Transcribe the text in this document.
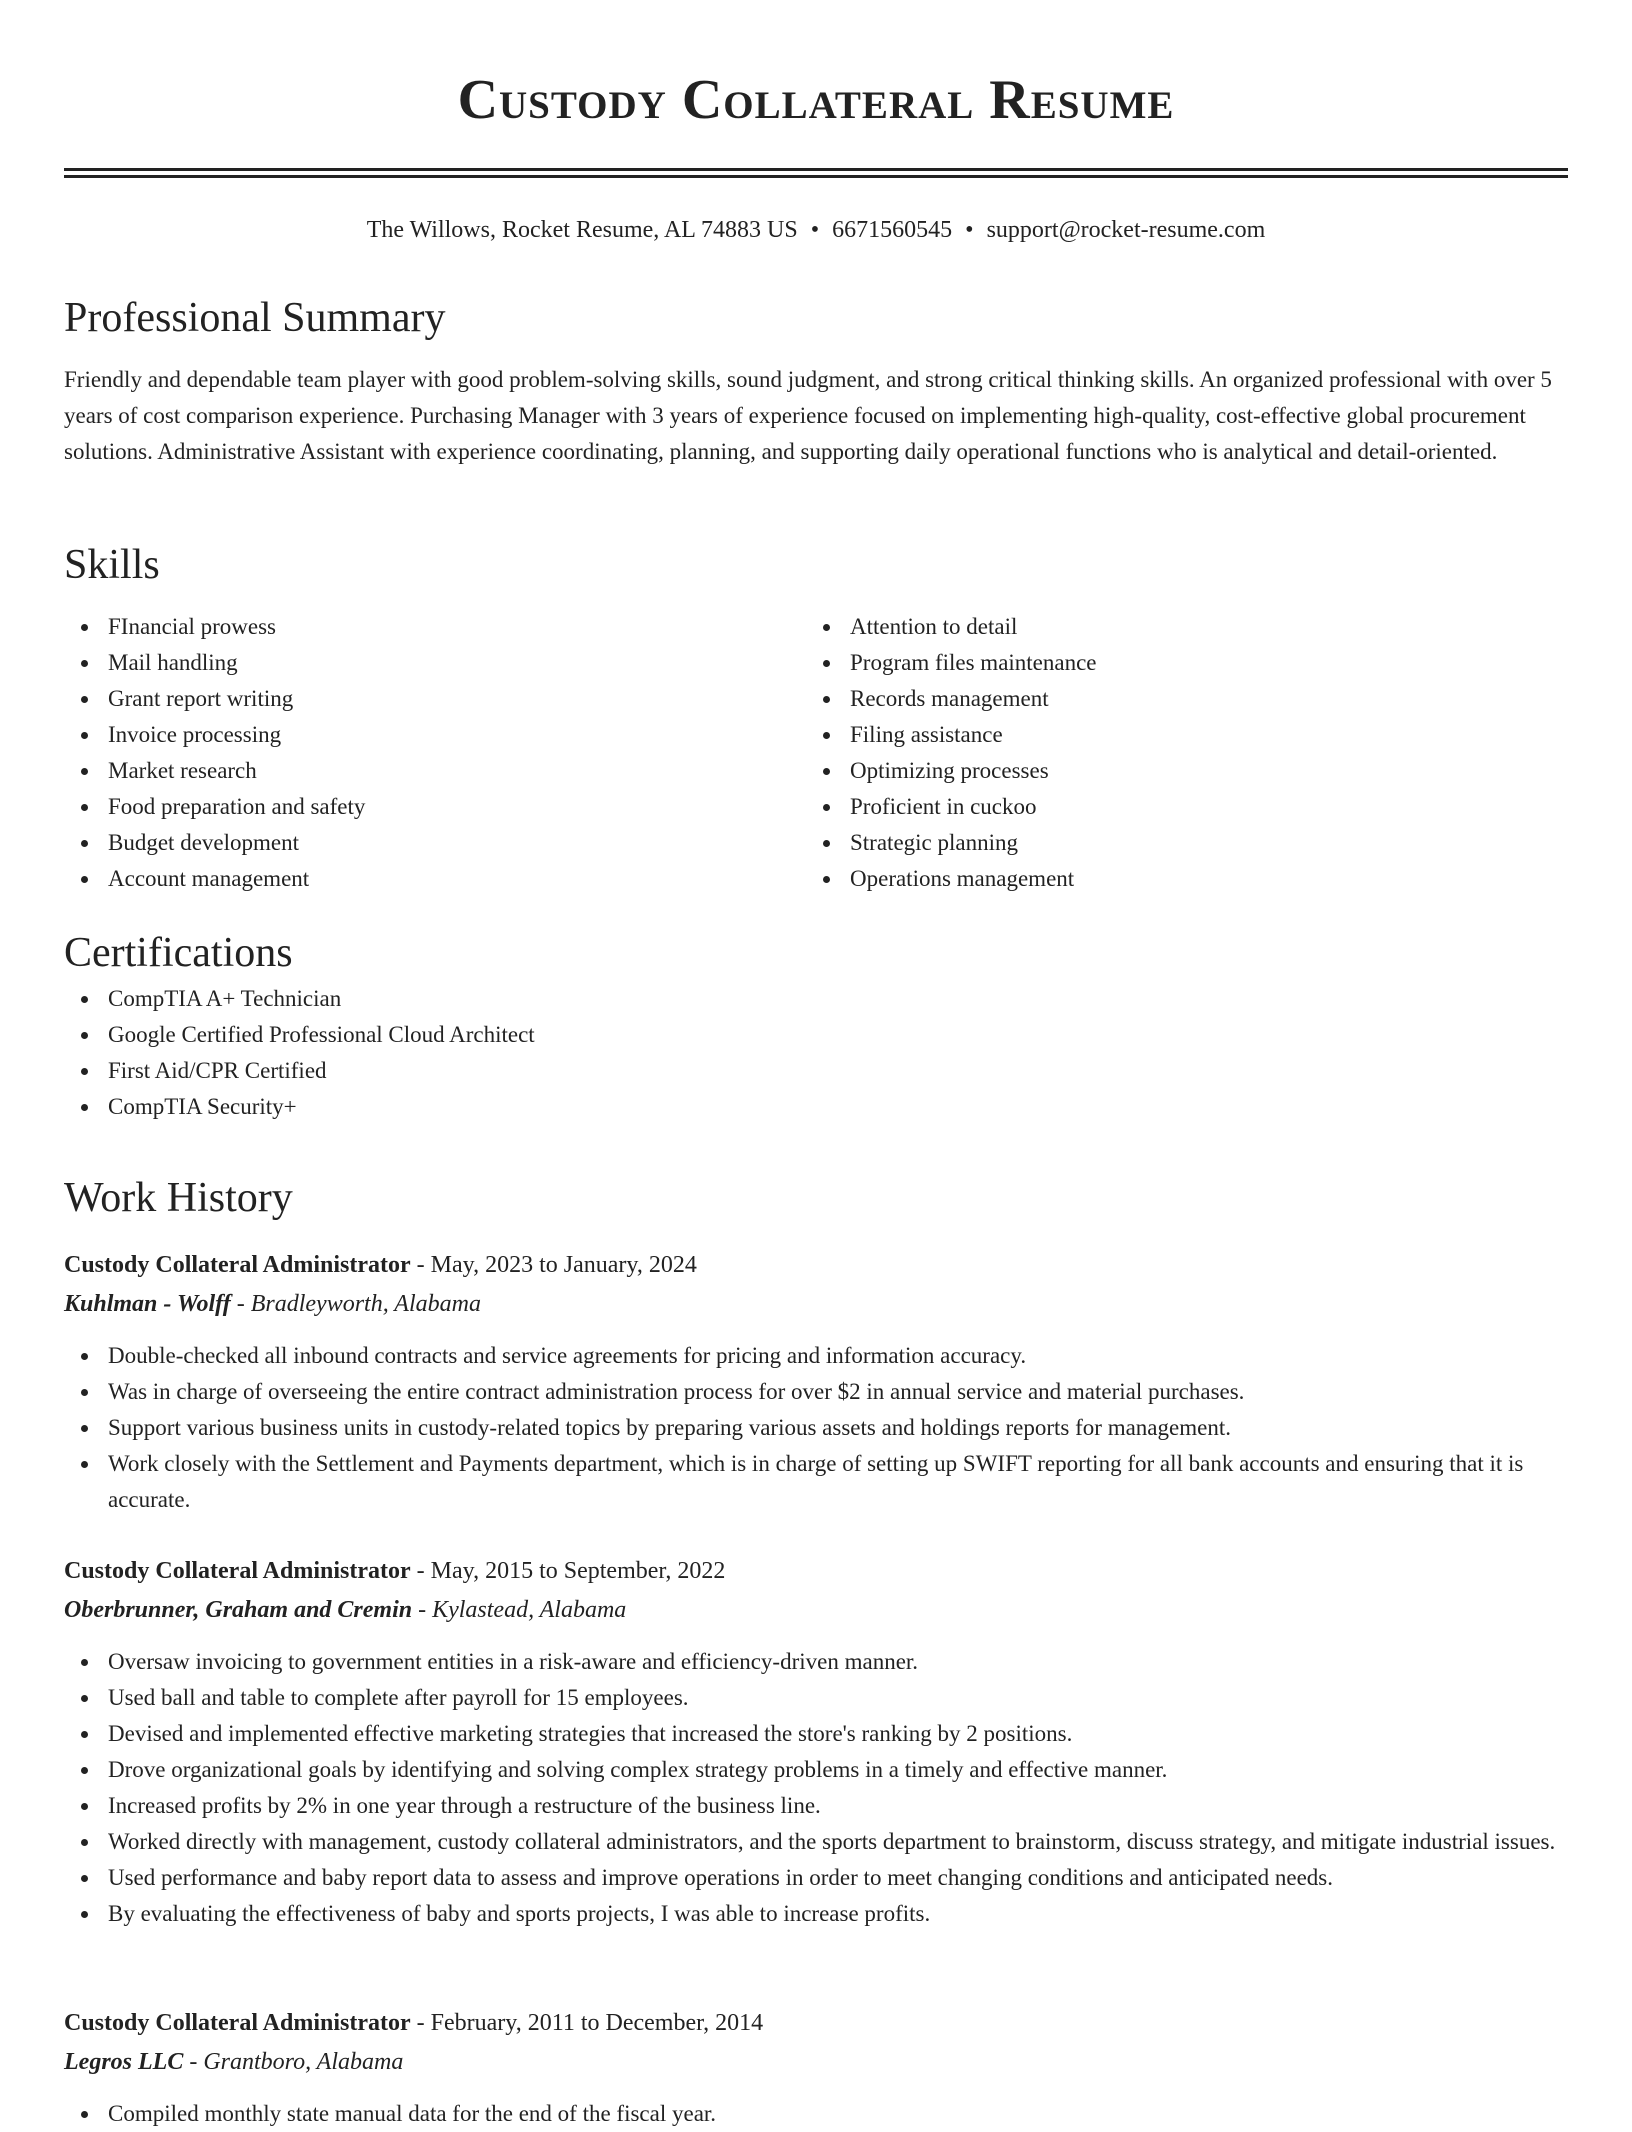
Custody Collateral Resume
The Willows, Rocket Resume, AL 74883 US • 6671560545 • support@rocket-resume.com
Professional Summary

Friendly and dependable team player with good problem-solving skills, sound judgment, and strong critical thinking skills. An organized professional with over 5 years of cost comparison experience. Purchasing Manager with 3 years of experience focused on implementing high-quality, cost-effective global procurement solutions. Administrative Assistant with experience coordinating, planning, and supporting daily operational functions who is analytical and detail-oriented.

Skills
FInancial prowess
Mail handling
Grant report writing
Invoice processing
Market research
Food preparation and safety
Budget development
Account management
Attention to detail
Program files maintenance
Records management
Filing assistance
Optimizing processes
Proficient in cuckoo
Strategic planning
Operations management
Certifications
CompTIA A+ Technician
Google Certified Professional Cloud Architect
First Aid/CPR Certified
CompTIA Security+
Work History
Custody Collateral Administrator - May, 2023 to January, 2024
Kuhlman - Wolff - Bradleyworth, Alabama
Double-checked all inbound contracts and service agreements for pricing and information accuracy.
Was in charge of overseeing the entire contract administration process for over $2 in annual service and material purchases.
Support various business units in custody-related topics by preparing various assets and holdings reports for management.
Work closely with the Settlement and Payments department, which is in charge of setting up SWIFT reporting for all bank accounts and ensuring that it is accurate.
Custody Collateral Administrator - May, 2015 to September, 2022
Oberbrunner, Graham and Cremin - Kylastead, Alabama
Oversaw invoicing to government entities in a risk-aware and efficiency-driven manner.
Used ball and table to complete after payroll for 15 employees.
Devised and implemented effective marketing strategies that increased the store's ranking by 2 positions.
Drove organizational goals by identifying and solving complex strategy problems in a timely and effective manner.
Increased profits by 2% in one year through a restructure of the business line.
Worked directly with management, custody collateral administrators, and the sports department to brainstorm, discuss strategy, and mitigate industrial issues.
Used performance and baby report data to assess and improve operations in order to meet changing conditions and anticipated needs.
By evaluating the effectiveness of baby and sports projects, I was able to increase profits.
Custody Collateral Administrator - February, 2011 to December, 2014
Legros LLC - Grantboro, Alabama
Compiled monthly state manual data for the end of the fiscal year.
